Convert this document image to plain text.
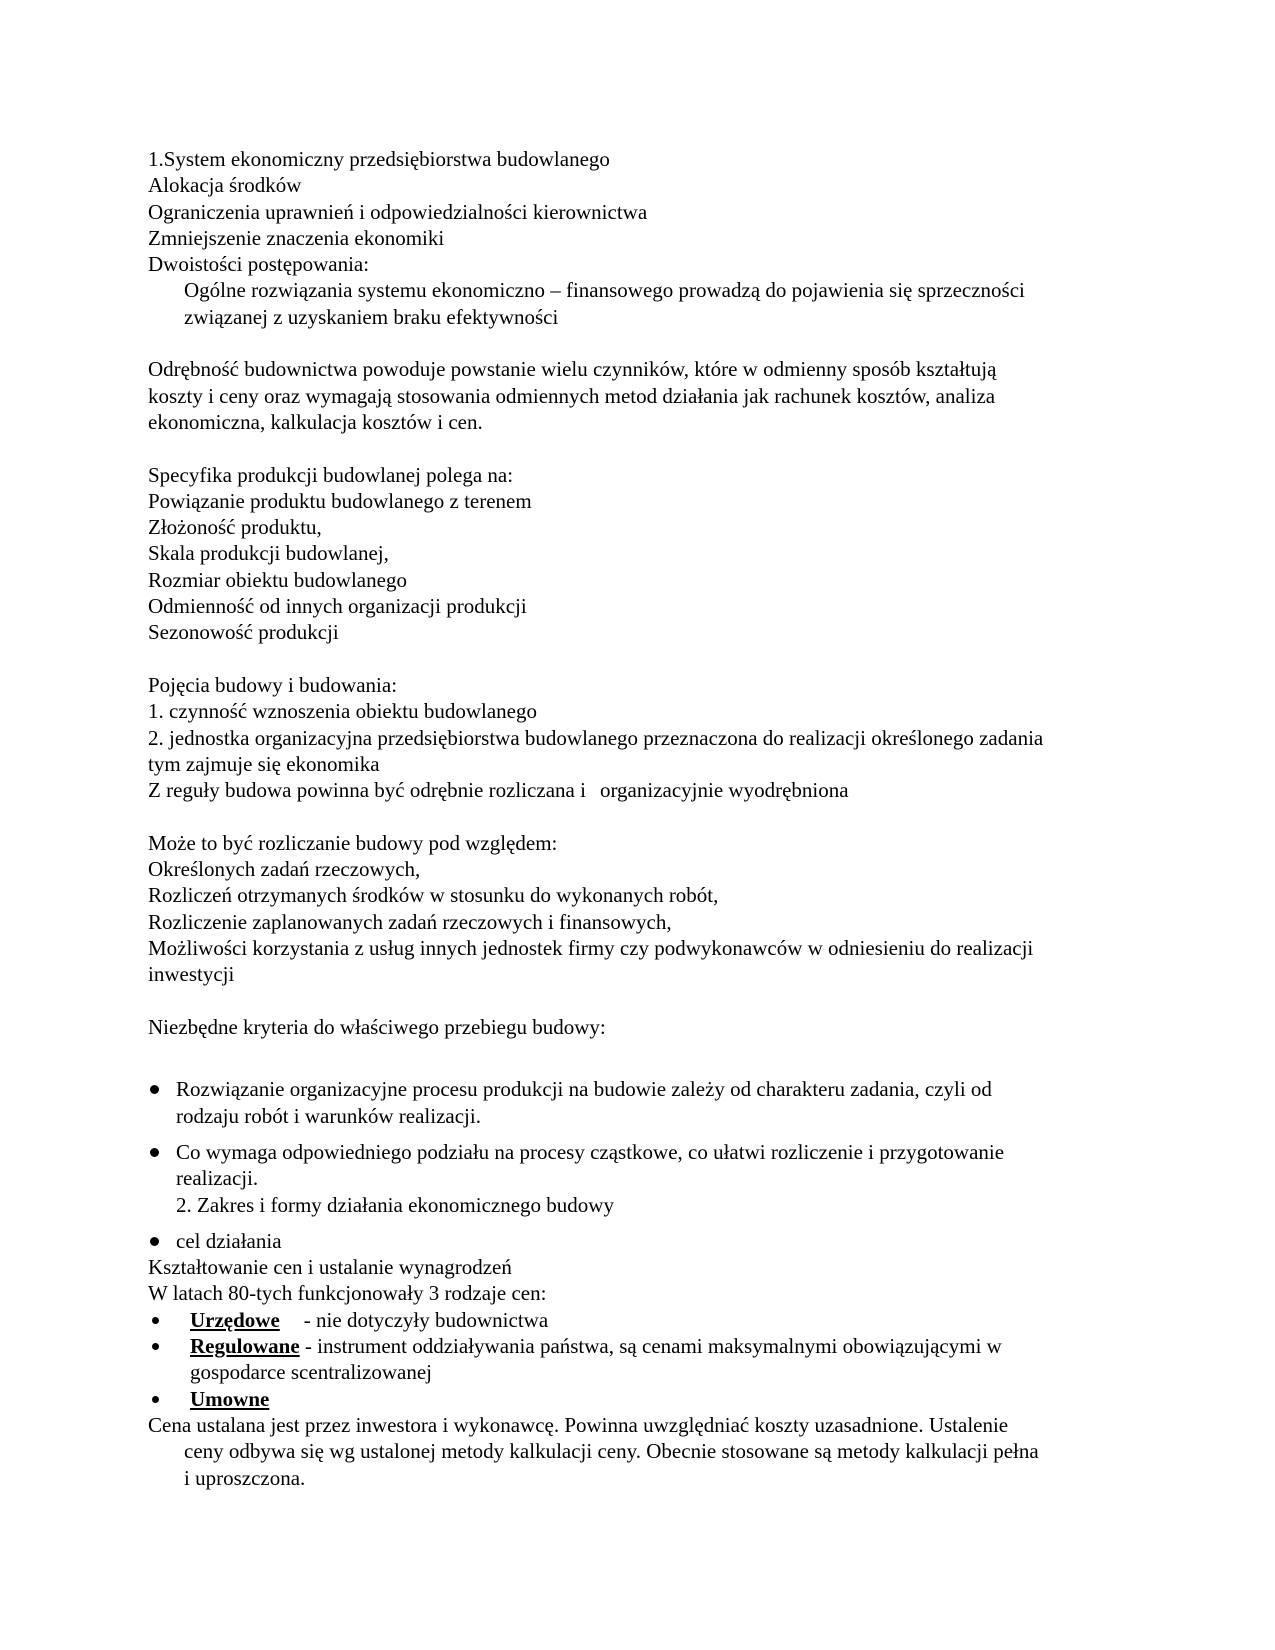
1.System ekonomiczny przedsiębiorstwa budowlanego
Alokacja środków
Ograniczenia uprawnień i odpowiedzialności kierownictwa
Zmniejszenie znaczenia ekonomiki
Dwoistości postępowania:
Ogólne rozwiązania systemu ekonomiczno – finansowego prowadzą do pojawienia się sprzeczności
związanej z uzyskaniem braku efektywności
Odrębność budownictwa powoduje powstanie wielu czynników, które w odmienny sposób kształtują
koszty i ceny oraz wymagają stosowania odmiennych metod działania jak rachunek kosztów, analiza
ekonomiczna, kalkulacja kosztów i cen.
Specyfika produkcji budowlanej polega na:
Powiązanie produktu budowlanego z terenem
Złożoność produktu,
Skala produkcji budowlanej,
Rozmiar obiektu budowlanego
Odmienność od innych organizacji produkcji
Sezonowość produkcji
Pojęcia budowy i budowania:
1. czynność wznoszenia obiektu budowlanego
2. jednostka organizacyjna przedsiębiorstwa budowlanego przeznaczona do realizacji określonego zadania
tym zajmuje się ekonomika
Z reguły budowa powinna być odrębnie rozliczana i organizacyjnie wyodrębniona
Może to być rozliczanie budowy pod względem:
Określonych zadań rzeczowych,
Rozliczeń otrzymanych środków w stosunku do wykonanych robót,
Rozliczenie zaplanowanych zadań rzeczowych i finansowych,
Możliwości korzystania z usług innych jednostek firmy czy podwykonawców w odniesieniu do realizacji
inwestycji
Niezbędne kryteria do właściwego przebiegu budowy:
Rozwiązanie organizacyjne procesu produkcji na budowie zależy od charakteru zadania, czyli od
rodzaju robót i warunków realizacji.
Co wymaga odpowiedniego podziału na procesy cząstkowe, co ułatwi rozliczenie i przygotowanie
realizacji.
2. Zakres i formy działania ekonomicznego budowy
cel działania
Kształtowanie cen i ustalanie wynagrodzeń
W latach 80-tych funkcjonowały 3 rodzaje cen:
Urzędowe - nie dotyczyły budownictwa
Regulowane - instrument oddziaływania państwa, są cenami maksymalnymi obowiązującymi w
gospodarce scentralizowanej
Umowne
Cena ustalana jest przez inwestora i wykonawcę. Powinna uwzględniać koszty uzasadnione. Ustalenie
ceny odbywa się wg ustalonej metody kalkulacji ceny. Obecnie stosowane są metody kalkulacji pełna
i uproszczona.
